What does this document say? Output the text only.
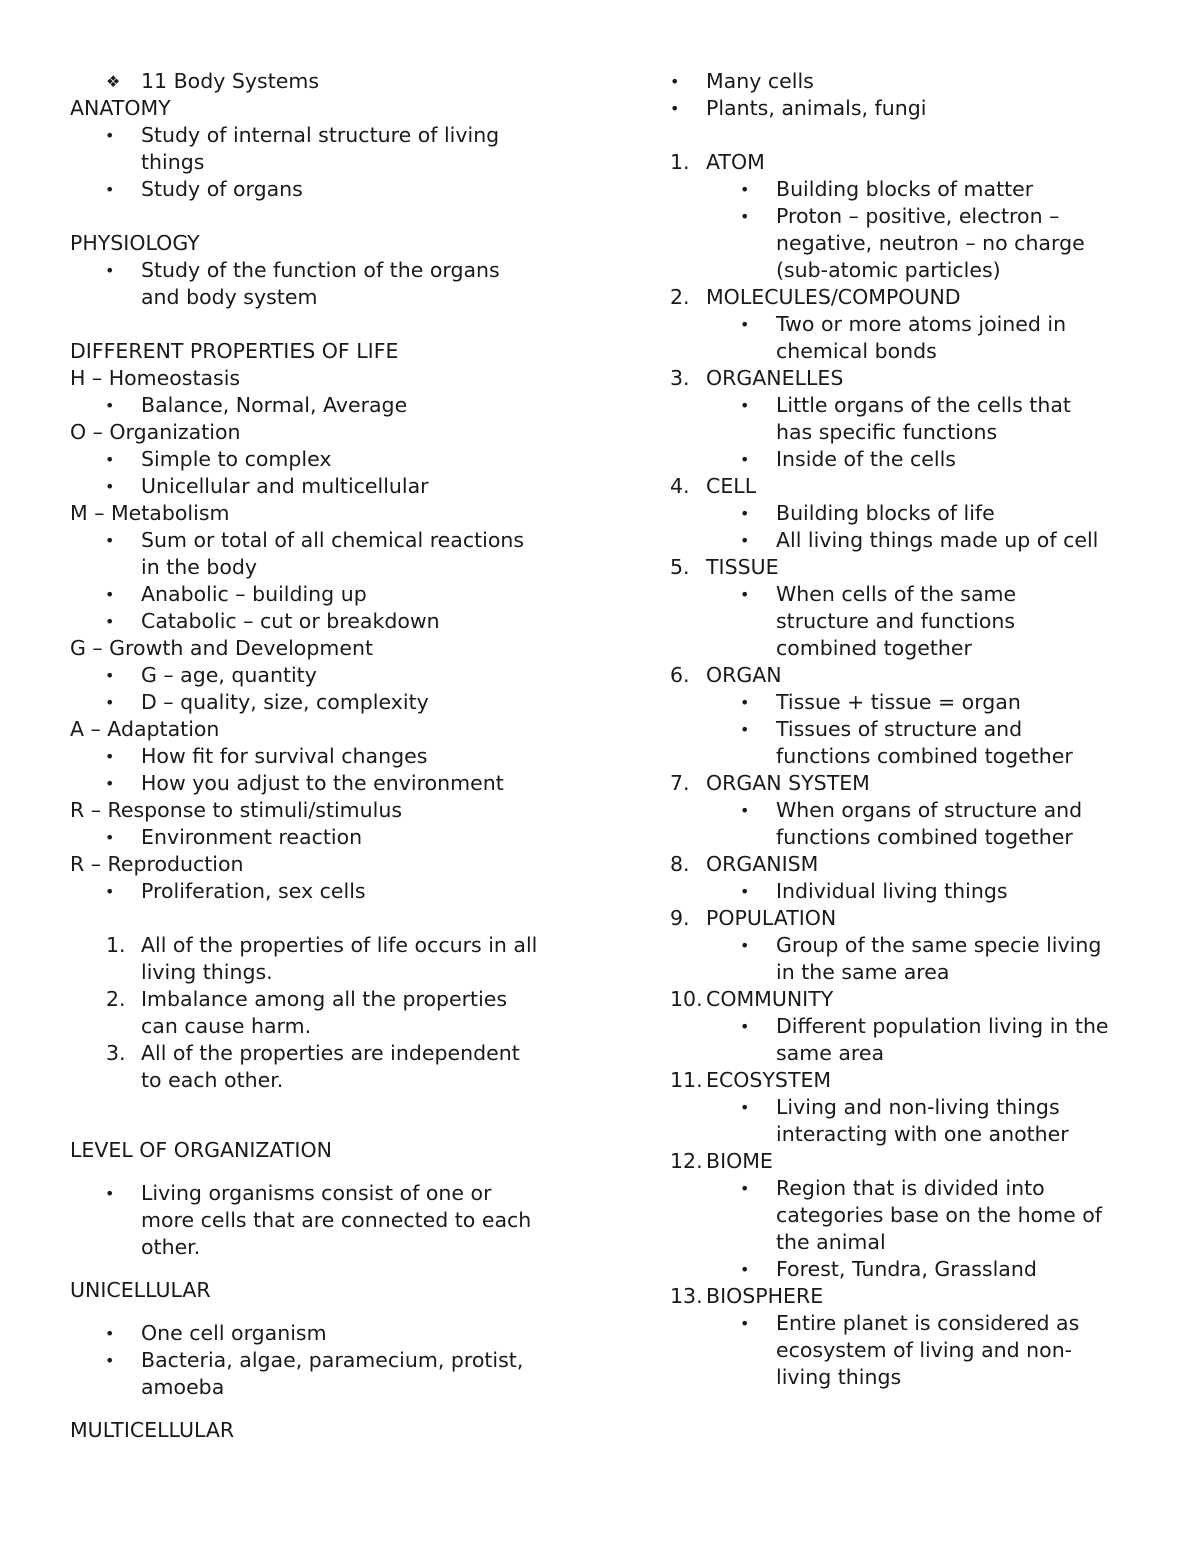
❖ 11 Body Systems
ANATOMY
• Study of internal structure of living
things
• Study of organs
PHYSIOLOGY
• Study of the function of the organs
and body system
DIFFERENT PROPERTIES OF LIFE
H – Homeostasis
• Balance, Normal, Average
O – Organization
• Simple to complex
• Unicellular and multicellular
M – Metabolism
• Sum or total of all chemical reactions
in the body
• Anabolic – building up
• Catabolic – cut or breakdown
G – Growth and Development
• G – age, quantity
• D – quality, size, complexity
A – Adaptation
• How fit for survival changes
• How you adjust to the environment
R – Response to stimuli/stimulus
• Environment reaction
R – Reproduction
• Proliferation, sex cells
1. All of the properties of life occurs in all
living things.
2. Imbalance among all the properties
can cause harm.
3. All of the properties are independent
to each other.
LEVEL OF ORGANIZATION
• Living organisms consist of one or
more cells that are connected to each
other.
UNICELLULAR
• One cell organism
• Bacteria, algae, paramecium, protist,
amoeba
MULTICELLULAR
• Many cells
• Plants, animals, fungi
1. ATOM
• Building blocks of matter
• Proton – positive, electron –
negative, neutron – no charge
(sub-atomic particles)
2. MOLECULES/COMPOUND
• Two or more atoms joined in
chemical bonds
3. ORGANELLES
• Little organs of the cells that
has specific functions
• Inside of the cells
4. CELL
• Building blocks of life
• All living things made up of cell
5. TISSUE
• When cells of the same
structure and functions
combined together
6. ORGAN
• Tissue + tissue = organ
• Tissues of structure and
functions combined together
7. ORGAN SYSTEM
• When organs of structure and
functions combined together
8. ORGANISM
• Individual living things
9. POPULATION
• Group of the same specie living
in the same area
10. COMMUNITY
• Different population living in the
same area
11. ECOSYSTEM
• Living and non-living things
interacting with one another
12. BIOME
• Region that is divided into
categories base on the home of
the animal
• Forest, Tundra, Grassland
13. BIOSPHERE
• Entire planet is considered as
ecosystem of living and non-
living things
